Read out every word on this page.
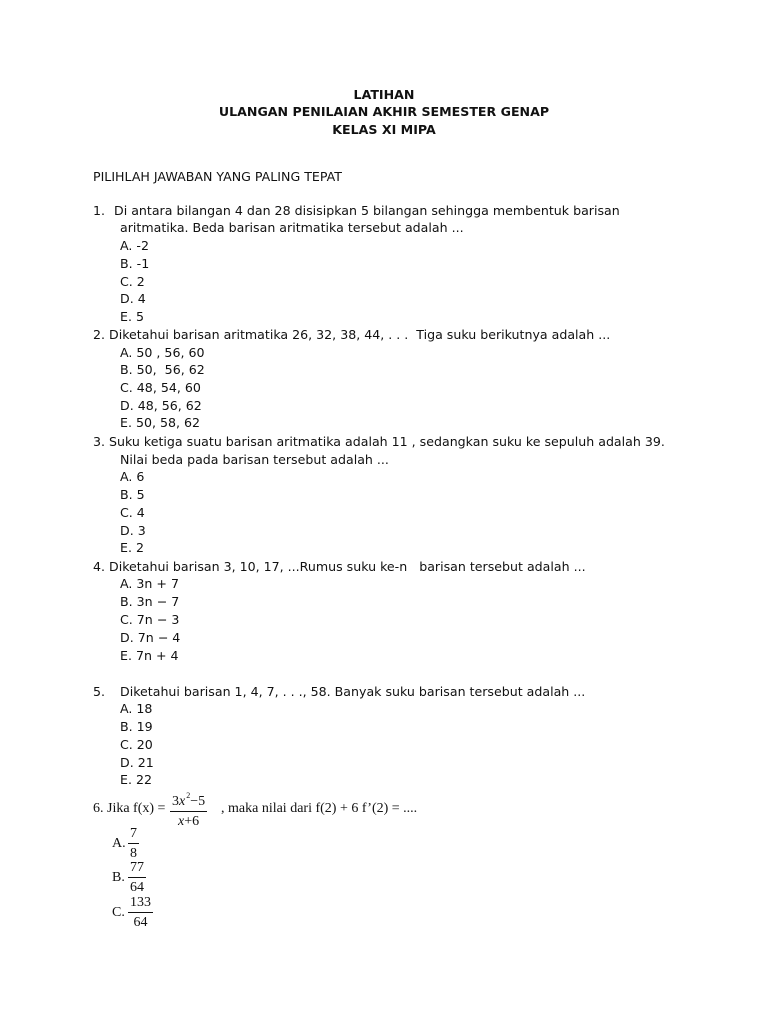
LATIHAN
ULANGAN PENILAIAN AKHIR SEMESTER GENAP
KELAS XI MIPA
PILIHLAH JAWABAN YANG PALING TEPAT
1. Di antara bilangan 4 dan 28 disisipkan 5 bilangan sehingga membentuk barisan
aritmatika. Beda barisan aritmatika tersebut adalah ...
A. -2
B. -1
C. 2
D. 4
E. 5
2. Diketahui barisan aritmatika 26, 32, 38, 44, . . .  Tiga suku berikutnya adalah ...
A. 50 , 56, 60
B. 50,  56, 62
C. 48, 54, 60
D. 48, 56, 62
E. 50, 58, 62
3. Suku ketiga suatu barisan aritmatika adalah 11 , sedangkan suku ke sepuluh adalah 39.
Nilai beda pada barisan tersebut adalah ...
A. 6
B. 5
C. 4
D. 3
E. 2
4. Diketahui barisan 3, 10, 17, ...Rumus suku ke-n   barisan tersebut adalah ...
A. 3n + 7
B. 3n − 7
C. 7n − 3
D. 7n − 4
E. 7n + 4
5. Diketahui barisan 1, 4, 7, . . ., 58. Banyak suku barisan tersebut adalah ...
A. 18
B. 19
C. 20
D. 21
E. 22
6. Jika $f(x) = 3x^2-5$
x+6
, maka nilai dari f(2) + 6 f’(2) = ....
A.
7
8
B.
77
64
C.
133
64
